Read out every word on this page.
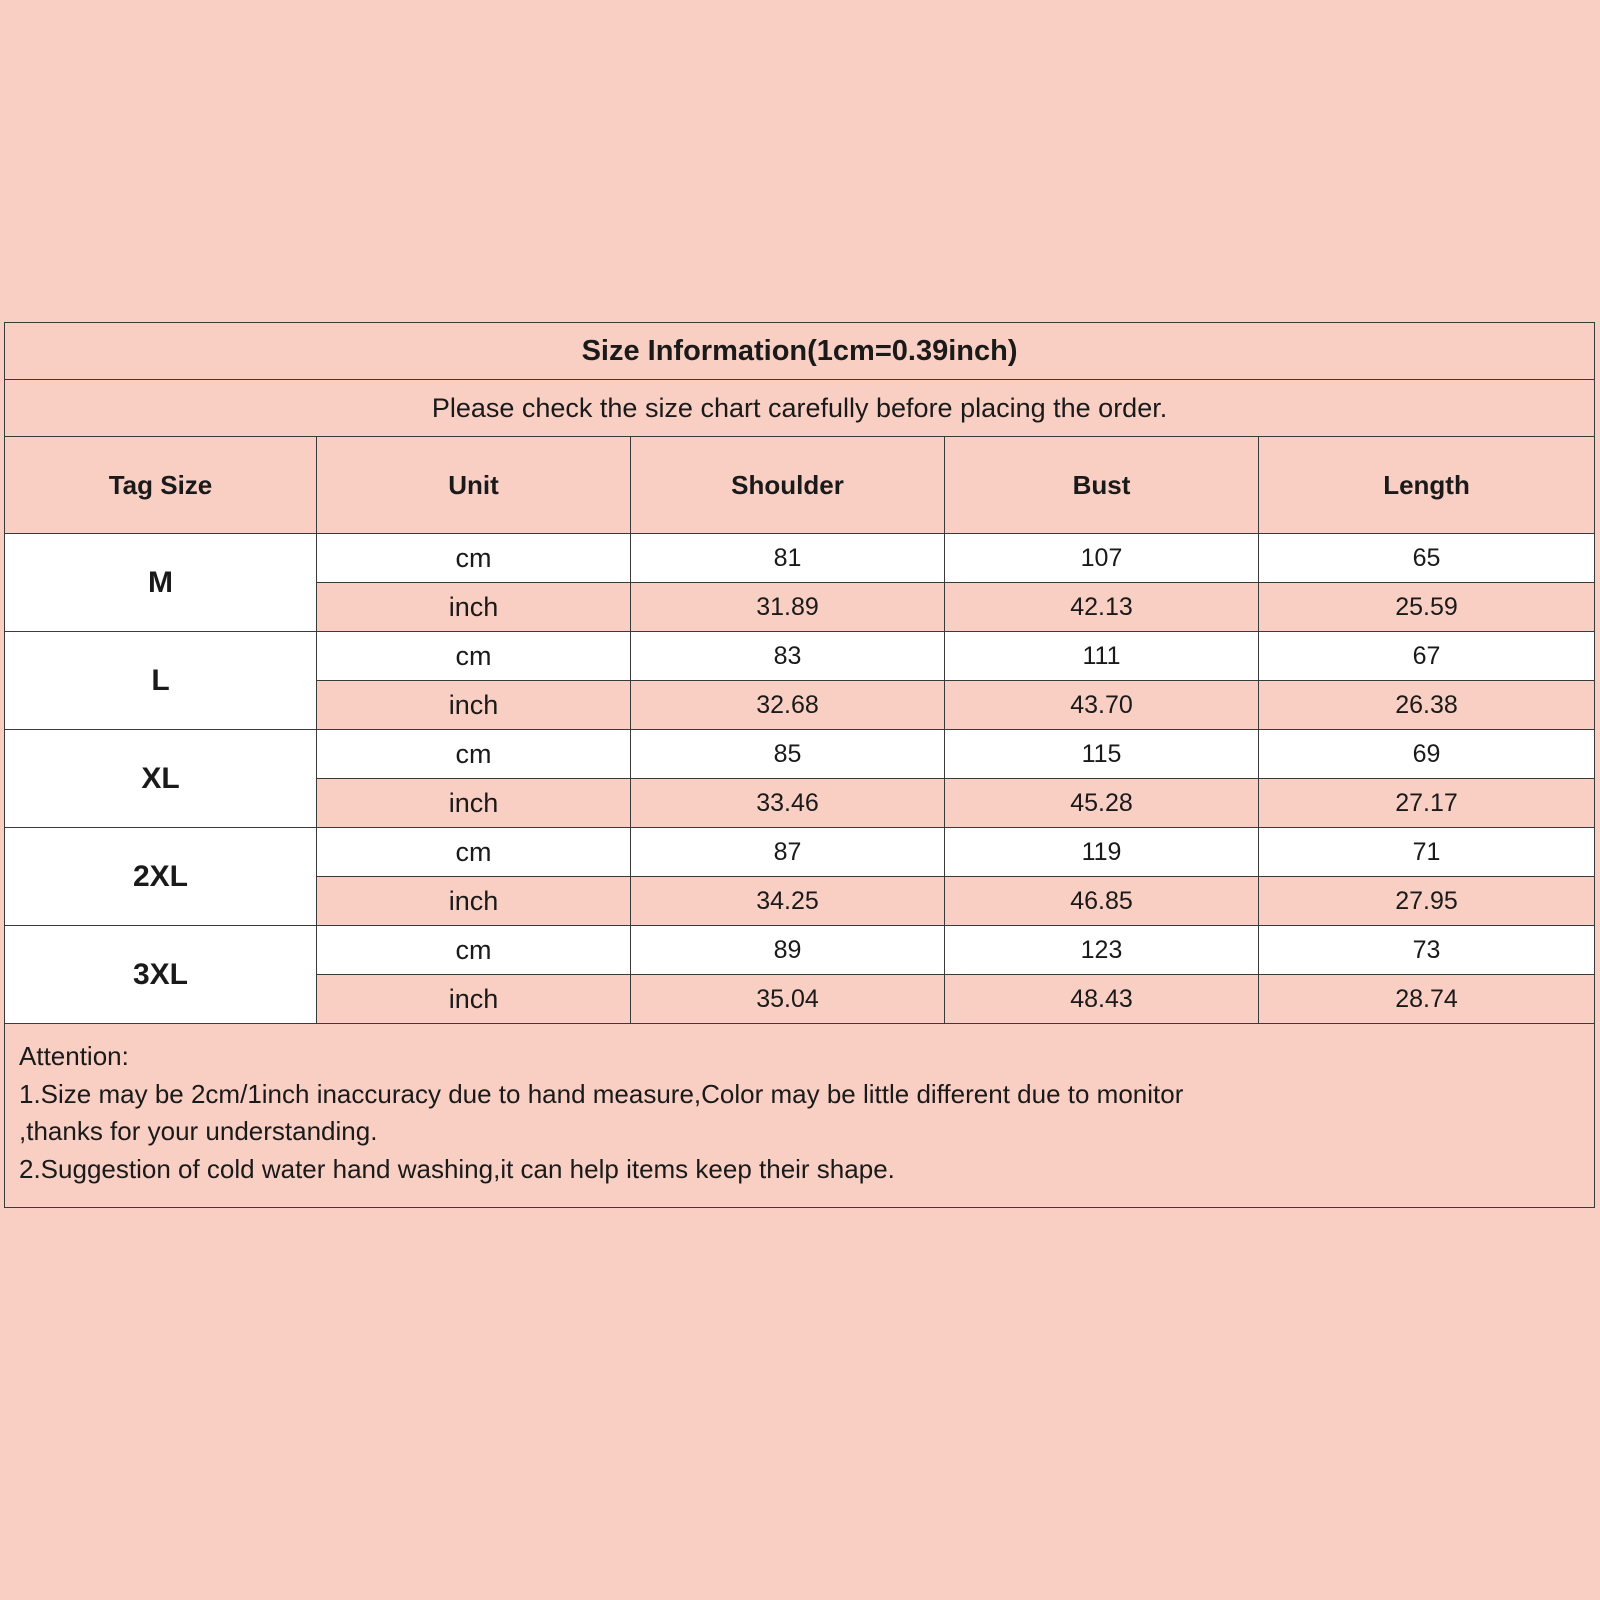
Size Information(1cm=0.39inch)				
Please check the size chart carefully before placing the order.				
Tag Size	Unit	Shoulder	Bust	Length
M	cm	81	107	65
	inch	31.89	42.13	25.59
L	cm	83	111	67
	inch	32.68	43.70	26.38
XL	cm	85	115	69
	inch	33.46	45.28	27.17
2XL	cm	87	119	71
	inch	34.25	46.85	27.95
3XL	cm	89	123	73
	inch	35.04	48.43	28.74

Attention:
1.Size may be 2cm/1inch inaccuracy due to hand measure,Color may be little different due to monitor
,thanks for your understanding.
2.Suggestion of cold water hand washing,it can help items keep their shape.				
